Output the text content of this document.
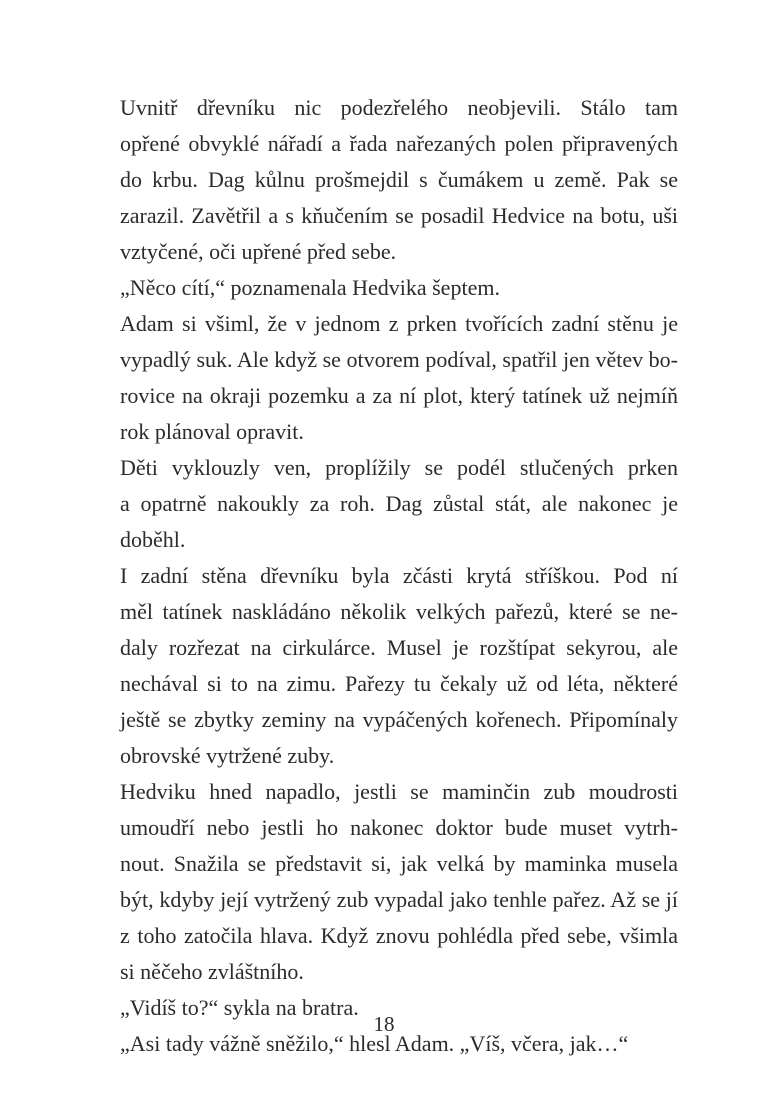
Uvnitř dřevníku nic podezřelého neobjevili. Stálo tam
opřené obvyklé nářadí a řada nařezaných polen připravených
do krbu. Dag kůlnu prošmejdil s čumákem u země. Pak se
zarazil. Zavětřil a s kňučením se posadil Hedvice na botu, uši
vztyčené, oči upřené před sebe.
„Něco cítí,“ poznamenala Hedvika šeptem.
Adam si všiml, že v jednom z prken tvořících zadní stěnu je
vypadlý suk. Ale když se otvorem podíval, spatřil jen větev bo-
rovice na okraji pozemku a za ní plot, který tatínek už nejmíň
rok plánoval opravit.
Děti vyklouzly ven, proplížily se podél stlučených prken
a opatrně nakoukly za roh. Dag zůstal stát, ale nakonec je
doběhl.
I zadní stěna dřevníku byla zčásti krytá stříškou. Pod ní
měl tatínek naskládáno několik velkých pařezů, které se ne-
daly rozřezat na cirkulárce. Musel je rozštípat sekyrou, ale
nechával si to na zimu. Pařezy tu čekaly už od léta, některé
ještě se zbytky zeminy na vypáčených kořenech. Připomínaly
obrovské vytržené zuby.
Hedviku hned napadlo, jestli se maminčin zub moudrosti
umoudří nebo jestli ho nakonec doktor bude muset vytrh-
nout. Snažila se představit si, jak velká by maminka musela
být, kdyby její vytržený zub vypadal jako tenhle pařez. Až se jí
z toho zatočila hlava. Když znovu pohlédla před sebe, všimla
si něčeho zvláštního.
„Vidíš to?“ sykla na bratra.
„Asi tady vážně sněžilo,“ hlesl Adam. „Víš, včera, jak…“
18
